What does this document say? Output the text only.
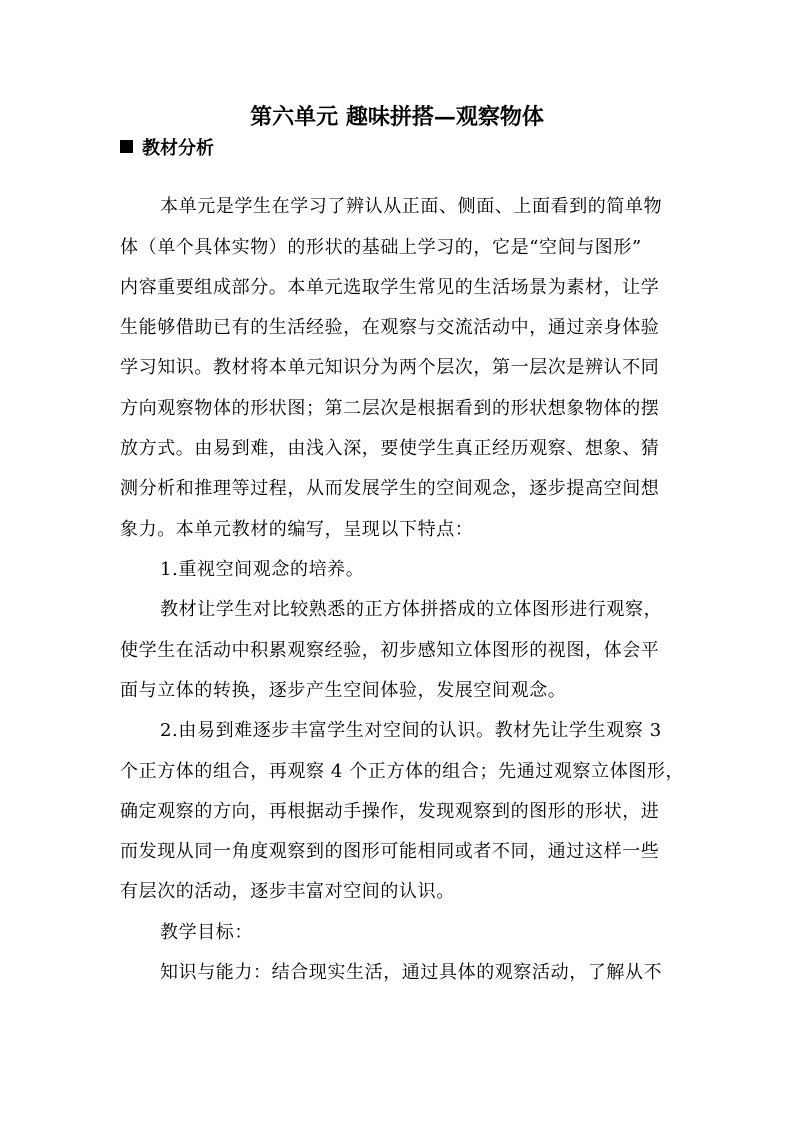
第六单元 趣味拼搭—观察物体
教材分析
本单元是学生在学习了辨认从正面、侧面、上面看到的简单物
体（单个具体实物）的形状的基础上学习的，它是“空间与图形”
内容重要组成部分。本单元选取学生常见的生活场景为素材，让学
生能够借助已有的生活经验，在观察与交流活动中，通过亲身体验
学习知识。教材将本单元知识分为两个层次，第一层次是辨认不同
方向观察物体的形状图；第二层次是根据看到的形状想象物体的摆
放方式。由易到难，由浅入深，要使学生真正经历观察、想象、猜
测分析和推理等过程，从而发展学生的空间观念，逐步提高空间想
象力。本单元教材的编写，呈现以下特点：
1.重视空间观念的培养。
教材让学生对比较熟悉的正方体拼搭成的立体图形进行观察，
使学生在活动中积累观察经验，初步感知立体图形的视图，体会平
面与立体的转换，逐步产生空间体验，发展空间观念。
2.由易到难逐步丰富学生对空间的认识。教材先让学生观察 3
个正方体的组合，再观察 4 个正方体的组合；先通过观察立体图形，
确定观察的方向，再根据动手操作，发现观察到的图形的形状，进
而发现从同一角度观察到的图形可能相同或者不同，通过这样一些
有层次的活动，逐步丰富对空间的认识。
教学目标：
知识与能力：结合现实生活，通过具体的观察活动，了解从不
